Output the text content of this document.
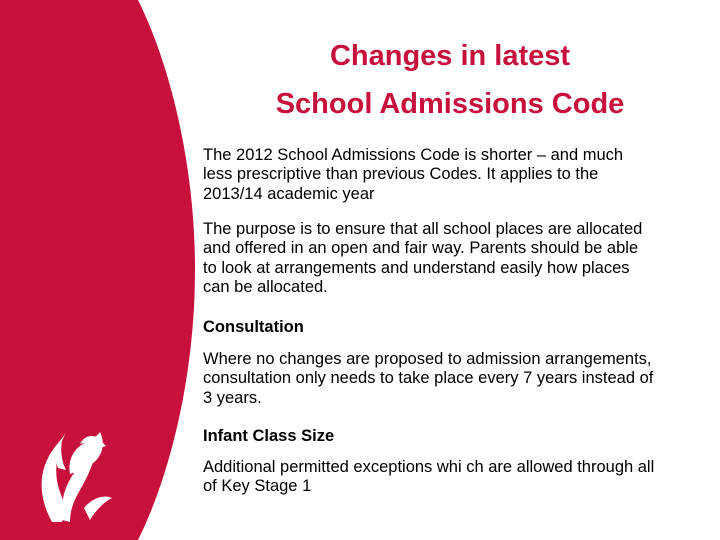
Changes in latest
School Admissions Code
The 2012 School Admissions Code is shorter – and much
less prescriptive than previous Codes. It applies to the
2013/14 academic year
The purpose is to ensure that all school places are allocated
and offered in an open and fair way. Parents should be able
to look at arrangements and understand easily how places
can be allocated.
Consultation
Where no changes are proposed to admission arrangements,
consultation only needs to take place every 7 years instead of
3 years.
Infant Class Size
Additional permitted exceptions whi ch are allowed through all
of Key Stage 1
